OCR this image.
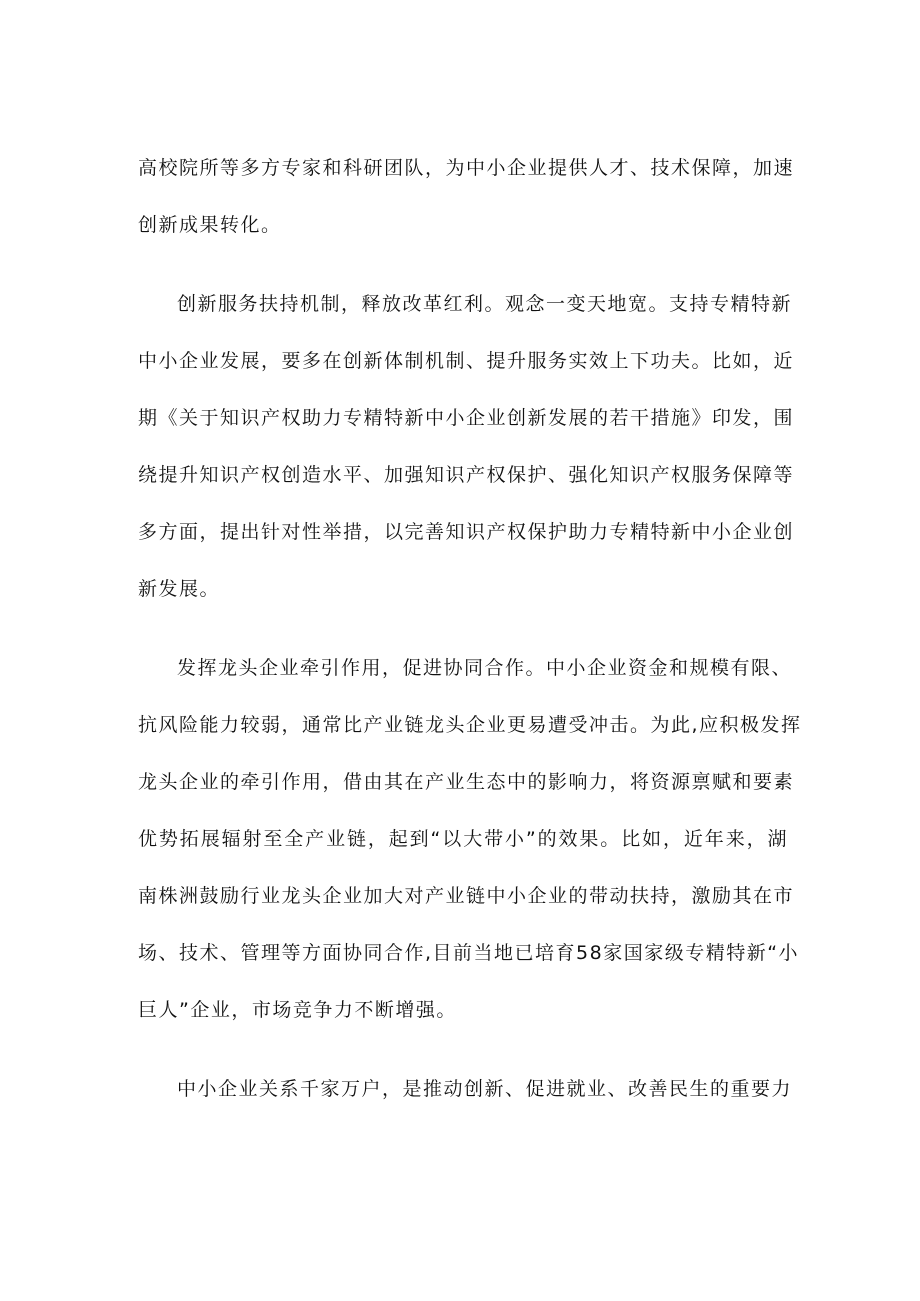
高校院所等多方专家和科研团队，为中小企业提供人才、技术保障，加速
创新成果转化。
创新服务扶持机制，释放改革红利。观念一变天地宽。支持专精特新
中小企业发展，要多在创新体制机制、提升服务实效上下功夫。比如，近
期《关于知识产权助力专精特新中小企业创新发展的若干措施》印发，围
绕提升知识产权创造水平、加强知识产权保护、强化知识产权服务保障等
多方面，提出针对性举措，以完善知识产权保护助力专精特新中小企业创
新发展。
发挥龙头企业牵引作用，促进协同合作。中小企业资金和规模有限、
抗风险能力较弱，通常比产业链龙头企业更易遭受冲击。为此,应积极发挥
龙头企业的牵引作用，借由其在产业生态中的影响力，将资源禀赋和要素
优势拓展辐射至全产业链，起到“以大带小”的效果。比如，近年来，湖
南株洲鼓励行业龙头企业加大对产业链中小企业的带动扶持，激励其在市
场、技术、管理等方面协同合作,目前当地已培育58家国家级专精特新“小
巨人”企业，市场竞争力不断增强。
中小企业关系千家万户，是推动创新、促进就业、改善民生的重要力
